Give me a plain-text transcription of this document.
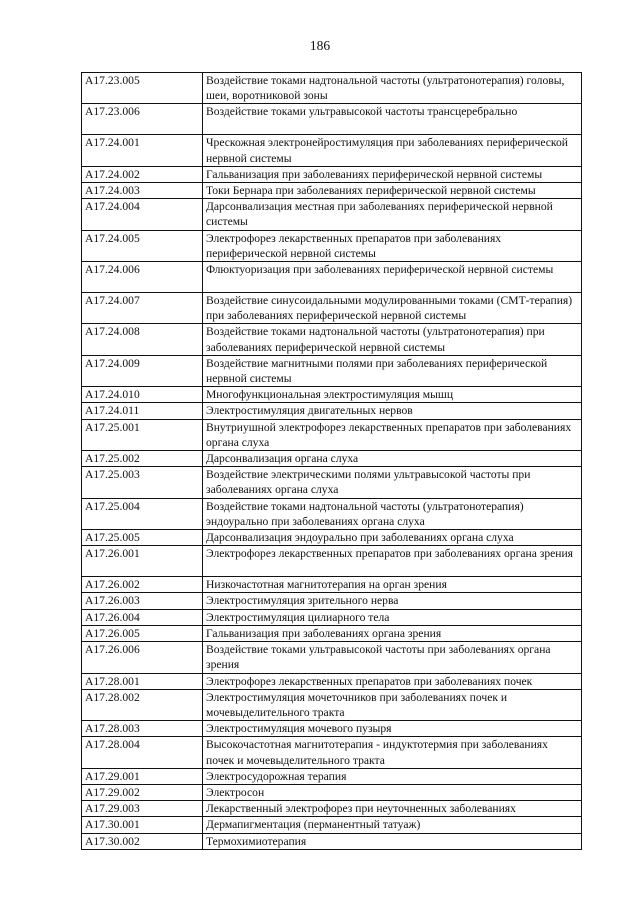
186
A17.23.005	Воздействие токами надтональной частоты (ультратонотерапия) головы, шеи, воротниковой зоны
A17.23.006	Воздействие токами ультравысокой частоты трансцеребрально
A17.24.001	Чрескожная электронейростимуляция при заболеваниях периферической нервной системы
A17.24.002	Гальванизация при заболеваниях периферической нервной системы
A17.24.003	Токи Бернара при заболеваниях периферической нервной системы
A17.24.004	Дарсонвализация местная при заболеваниях периферической нервной системы
A17.24.005	Электрофорез лекарственных препаратов при заболеваниях периферической нервной системы
A17.24.006	Флюктуоризация при заболеваниях периферической нервной системы
A17.24.007	Воздействие синусоидальными модулированными токами (СМТ-терапия) при заболеваниях периферической нервной системы
A17.24.008	Воздействие токами надтональной частоты (ультратонотерапия) при заболеваниях периферической нервной системы
A17.24.009	Воздействие магнитными полями при заболеваниях периферической нервной системы
A17.24.010	Многофункциональная электростимуляция мышц
A17.24.011	Электростимуляция двигательных нервов
A17.25.001	Внутриушной электрофорез лекарственных препаратов при заболеваниях органа слуха
A17.25.002	Дарсонвализация органа слуха
A17.25.003	Воздействие электрическими полями ультравысокой частоты при заболеваниях органа слуха
A17.25.004	Воздействие токами надтональной частоты (ультратонотерапия) эндоурально при заболеваниях органа слуха
A17.25.005	Дарсонвализация эндоурально при заболеваниях органа слуха
A17.26.001	Электрофорез лекарственных препаратов при заболеваниях органа зрения
A17.26.002	Низкочастотная магнитотерапия на орган зрения
A17.26.003	Электростимуляция зрительного нерва
A17.26.004	Электростимуляция цилиарного тела
A17.26.005	Гальванизация при заболеваниях органа зрения
A17.26.006	Воздействие токами ультравысокой частоты при заболеваниях органа зрения
A17.28.001	Электрофорез лекарственных препаратов при заболеваниях почек
A17.28.002	Электростимуляция мочеточников при заболеваниях почек и мочевыделительного тракта
A17.28.003	Электростимуляция мочевого пузыря
A17.28.004	Высокочастотная магнитотерапия - индуктотермия при заболеваниях почек и мочевыделительного тракта
A17.29.001	Электросудорожная терапия
A17.29.002	Электросон
A17.29.003	Лекарственный электрофорез при неуточненных заболеваниях
A17.30.001	Дермапигментация (перманентный татуаж)
A17.30.002	Термохимиотерапия
